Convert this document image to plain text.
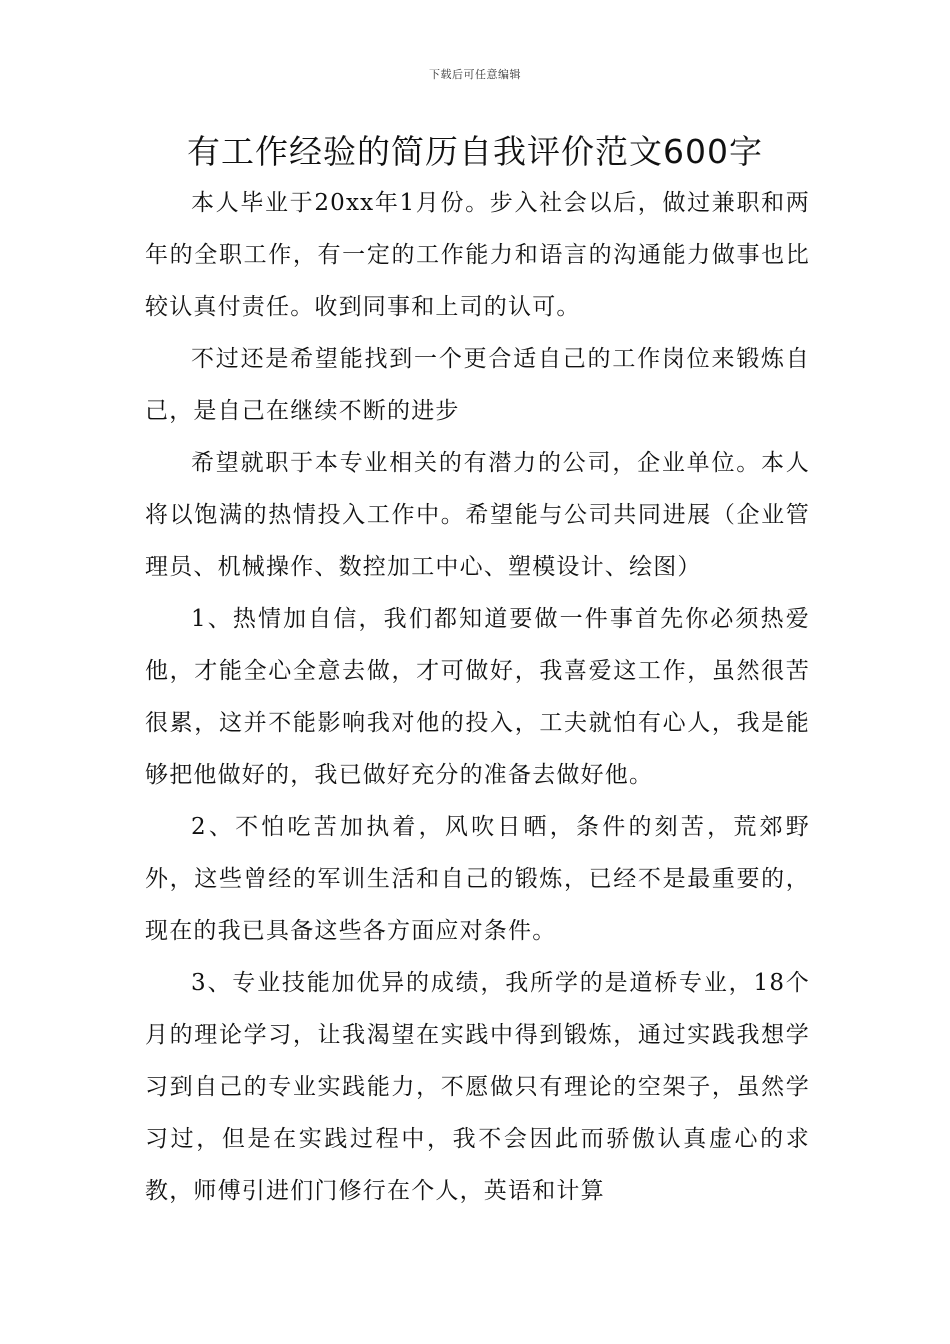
下载后可任意编辑
有工作经验的简历自我评价范文600字

本人毕业于20xx年1月份。步入社会以后，做过兼职和两年的全职工作，有一定的工作能力和语言的沟通能力做事也比较认真付责任。收到同事和上司的认可。

不过还是希望能找到一个更合适自己的工作岗位来锻炼自己，是自己在继续不断的进步

希望就职于本专业相关的有潜力的公司，企业单位。本人将以饱满的热情投入工作中。希望能与公司共同进展（企业管理员、机械操作、数控加工中心、塑模设计、绘图）

1、热情加自信，我们都知道要做一件事首先你必须热爱他，才能全心全意去做，才可做好，我喜爱这工作，虽然很苦很累，这并不能影响我对他的投入，工夫就怕有心人，我是能够把他做好的，我已做好充分的准备去做好他。

2、不怕吃苦加执着，风吹日晒，条件的刻苦，荒郊野外，这些曾经的军训生活和自己的锻炼，已经不是最重要的，现在的我已具备这些各方面应对条件。

3、专业技能加优异的成绩，我所学的是道桥专业，18个月的理论学习，让我渴望在实践中得到锻炼，通过实践我想学习到自己的专业实践能力，不愿做只有理论的空架子，虽然学习过，但是在实践过程中，我不会因此而骄傲认真虚心的求教，师傅引进们门修行在个人，英语和计算
